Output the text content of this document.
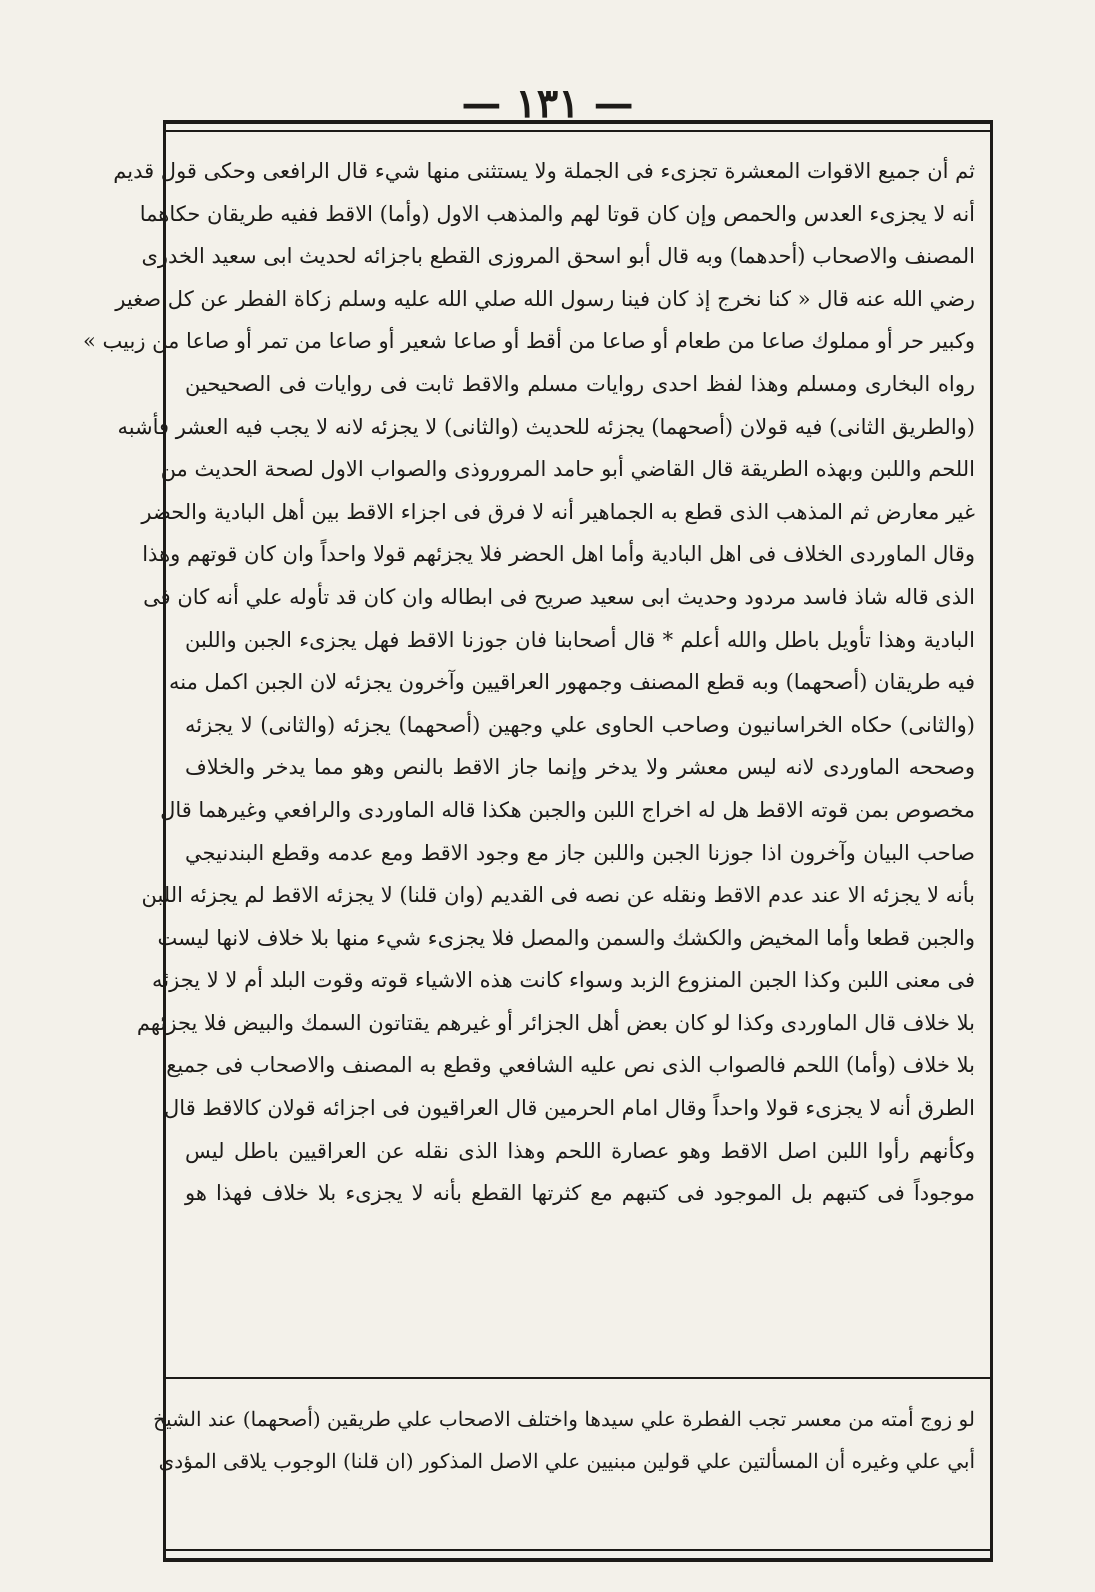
— ١٣١ —
ثم أن جميع الاقوات المعشرة تجزىء فى الجملة ولا يستثنى منها شيء قال الرافعى وحكى قول قديم
أنه لا يجزىء العدس والحمص وإن كان قوتا لهم والمذهب الاول (وأما) الاقط ففيه طريقان حكاهما
المصنف والاصحاب (أحدهما) وبه قال أبو اسحق المروزى القطع باجزائه لحديث ابى سعيد الخدرى
رضي الله عنه قال « كنا نخرج إذ كان فينا رسول الله صلي الله عليه وسلم زكاة الفطر عن كل صغير
وكبير حر أو مملوك صاعا من طعام أو صاعا من أقط أو صاعا شعير أو صاعا من تمر أو صاعا من زبيب »
رواه البخارى ومسلم وهذا لفظ احدى روايات مسلم والاقط ثابت فى روايات فى الصحيحين
(والطريق الثانى) فيه قولان (أصحهما) يجزئه للحديث (والثانى) لا يجزئه لانه لا يجب فيه العشر فأشبه
اللحم واللبن وبهذه الطريقة قال القاضي أبو حامد المروروذى والصواب الاول لصحة الحديث من
غير معارض ثم المذهب الذى قطع به الجماهير أنه لا فرق فى اجزاء الاقط بين أهل البادية والحضر
وقال الماوردى الخلاف فى اهل البادية وأما اهل الحضر فلا يجزئهم قولا واحداً وان كان قوتهم وهذا
الذى قاله شاذ فاسد مردود وحديث ابى سعيد صريح فى ابطاله وان كان قد تأوله علي أنه كان فى
البادية وهذا تأويل باطل والله أعلم * قال أصحابنا فان جوزنا الاقط فهل يجزىء الجبن واللبن
فيه طريقان (أصحهما) وبه قطع المصنف وجمهور العراقيين وآخرون يجزئه لان الجبن اكمل منه
(والثانى) حكاه الخراسانيون وصاحب الحاوى علي وجهين (أصحهما) يجزئه (والثانى) لا يجزئه
وصححه الماوردى لانه ليس معشر ولا يدخر وإنما جاز الاقط بالنص وهو مما يدخر والخلاف
مخصوص بمن قوته الاقط هل له اخراج اللبن والجبن هكذا قاله الماوردى والرافعي وغيرهما قال
صاحب البيان وآخرون اذا جوزنا الجبن واللبن جاز مع وجود الاقط ومع عدمه وقطع البندنيجي
بأنه لا يجزئه الا عند عدم الاقط ونقله عن نصه فى القديم (وان قلنا) لا يجزئه الاقط لم يجزئه اللبن
والجبن قطعا وأما المخيض والكشك والسمن والمصل فلا يجزىء شيء منها بلا خلاف لانها ليست
فى معنى اللبن وكذا الجبن المنزوع الزبد وسواء كانت هذه الاشياء قوته وقوت البلد أم لا لا يجزئه
بلا خلاف قال الماوردى وكذا لو كان بعض أهل الجزائر أو غيرهم يقتاتون السمك والبيض فلا يجزئهم
بلا خلاف (وأما) اللحم فالصواب الذى نص عليه الشافعي وقطع به المصنف والاصحاب فى جميع
الطرق أنه لا يجزىء قولا واحداً وقال امام الحرمين قال العراقيون فى اجزائه قولان كالاقط قال
وكأنهم رأوا اللبن اصل الاقط وهو عصارة اللحم وهذا الذى نقله عن العراقيين باطل ليس
موجوداً فى كتبهم بل الموجود فى كتبهم مع كثرتها القطع بأنه لا يجزىء بلا خلاف فهذا هو
لو زوج أمته من معسر تجب الفطرة علي سيدها واختلف الاصحاب علي طريقين (أصحهما) عند الشيخ
أبي علي وغيره أن المسألتين علي قولين مبنيين علي الاصل المذكور (ان قلنا) الوجوب يلاقى المؤدى
